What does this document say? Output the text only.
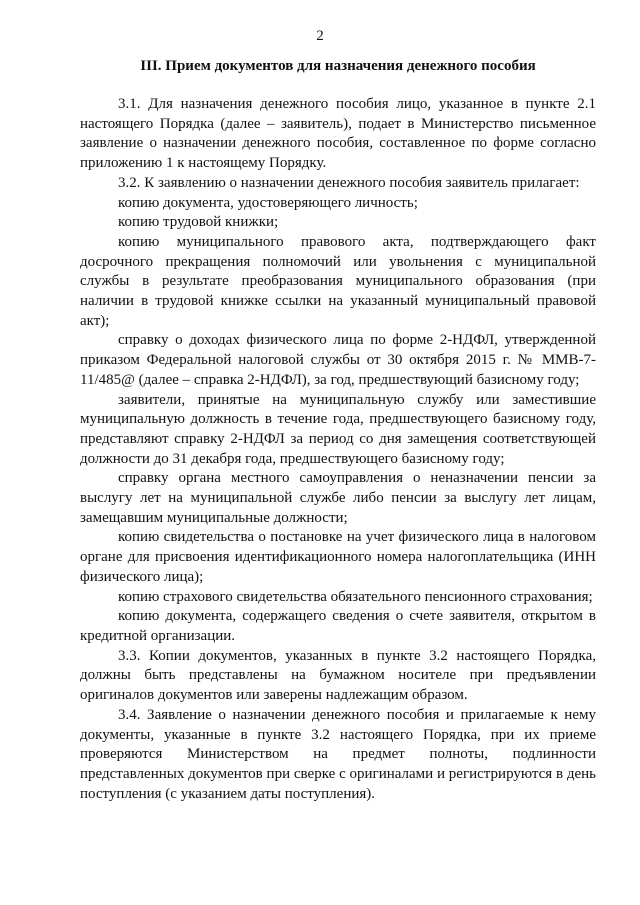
2
III. Прием документов для назначения денежного пособия

3.1. Для назначения денежного пособия лицо, указанное в пункте 2.1 настоящего Порядка (далее – заявитель), подает в Министерство письменное заявление о назначении денежного пособия, составленное по форме согласно приложению 1 к настоящему Порядку.

3.2. К заявлению о назначении денежного пособия заявитель прилагает:

копию документа, удостоверяющего личность;

копию трудовой книжки;

копию муниципального правового акта, подтверждающего факт досрочного прекращения полномочий или увольнения с муниципальной службы в результате преобразования муниципального образования (при наличии в трудовой книжке ссылки на указанный муниципальный правовой акт);

справку о доходах физического лица по форме 2-НДФЛ, утвержденной приказом Федеральной налоговой службы от 30 октября 2015 г. № ММВ-7-11/485@ (далее – справка 2-НДФЛ), за год, предшествующий базисному году;

заявители, принятые на муниципальную службу или заместившие муниципальную должность в течение года, предшествующего базисному году, представляют справку 2-НДФЛ за период со дня замещения соответствующей должности до 31 декабря года, предшествующего базисному году;

справку органа местного самоуправления о неназначении пенсии за выслугу лет на муниципальной службе либо пенсии за выслугу лет лицам, замещавшим муниципальные должности;

копию свидетельства о постановке на учет физического лица в налоговом органе для присвоения идентификационного номера налогоплательщика (ИНН физического лица);

копию страхового свидетельства обязательного пенсионного страхования;

копию документа, содержащего сведения о счете заявителя, открытом в кредитной организации.

3.3. Копии документов, указанных в пункте 3.2 настоящего Порядка, должны быть представлены на бумажном носителе при предъявлении оригиналов документов или заверены надлежащим образом.

3.4. Заявление о назначении денежного пособия и прилагаемые к нему документы, указанные в пункте 3.2 настоящего Порядка, при их приеме проверяются Министерством на предмет полноты, подлинности представленных документов при сверке с оригиналами и регистрируются в день поступления (с указанием даты поступления).
